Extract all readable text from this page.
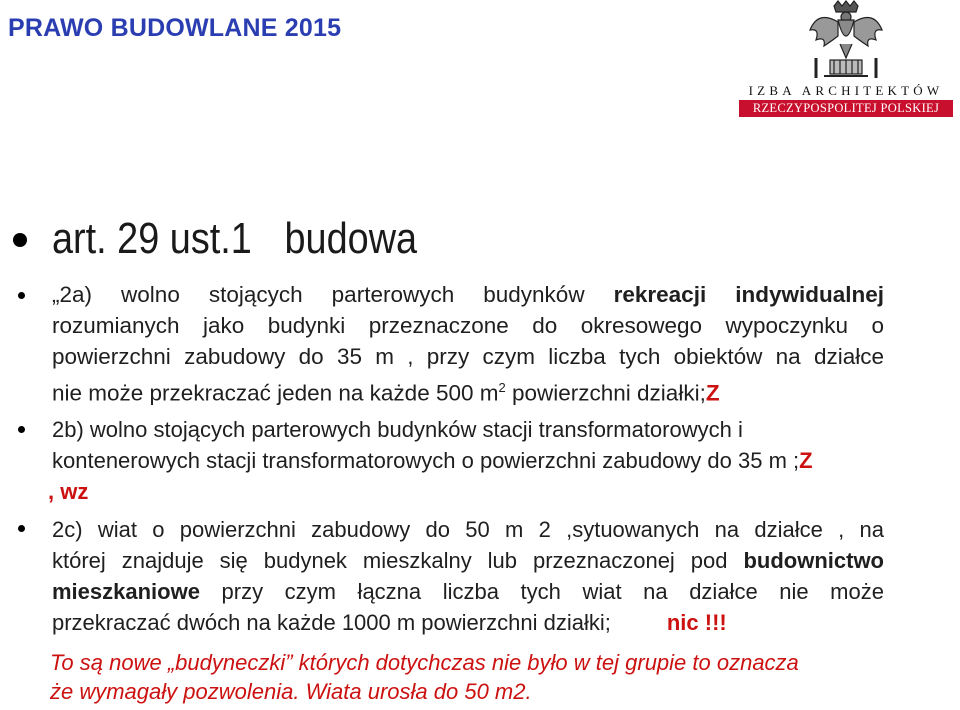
PRAWO BUDOWLANE 2015
IZBA ARCHITEKTÓW
RZECZYPOSPOLITEJ POLSKIEJ
art. 29 ust.1 budowa
„2a) wolno stojących parterowych budynków rekreacji indywidualnej
rozumianych jako budynki przeznaczone do okresowego wypoczynku o
powierzchni zabudowy do 35 m , przy czym liczba tych obiektów na działce
nie może przekraczać jeden na każde 500 $m^2$ powierzchni działki;Z
2b) wolno stojących parterowych budynków stacji transformatorowych i
kontenerowych stacji transformatorowych o powierzchni zabudowy do 35 m ;Z
, wz
2c) wiat o powierzchni zabudowy do 50 m 2 ,sytuowanych na działce , na
której znajduje się budynek mieszkalny lub przeznaczonej pod budownictwo
mieszkaniowe przy czym łączna liczba tych wiat na działce nie może
przekraczać dwóch na każde 1000 m powierzchni działki;	nic !!!
To są nowe „budyneczki” których dotychczas nie było w tej grupie to oznacza
że wymagały pozwolenia. Wiata urosła do 50 m2.
